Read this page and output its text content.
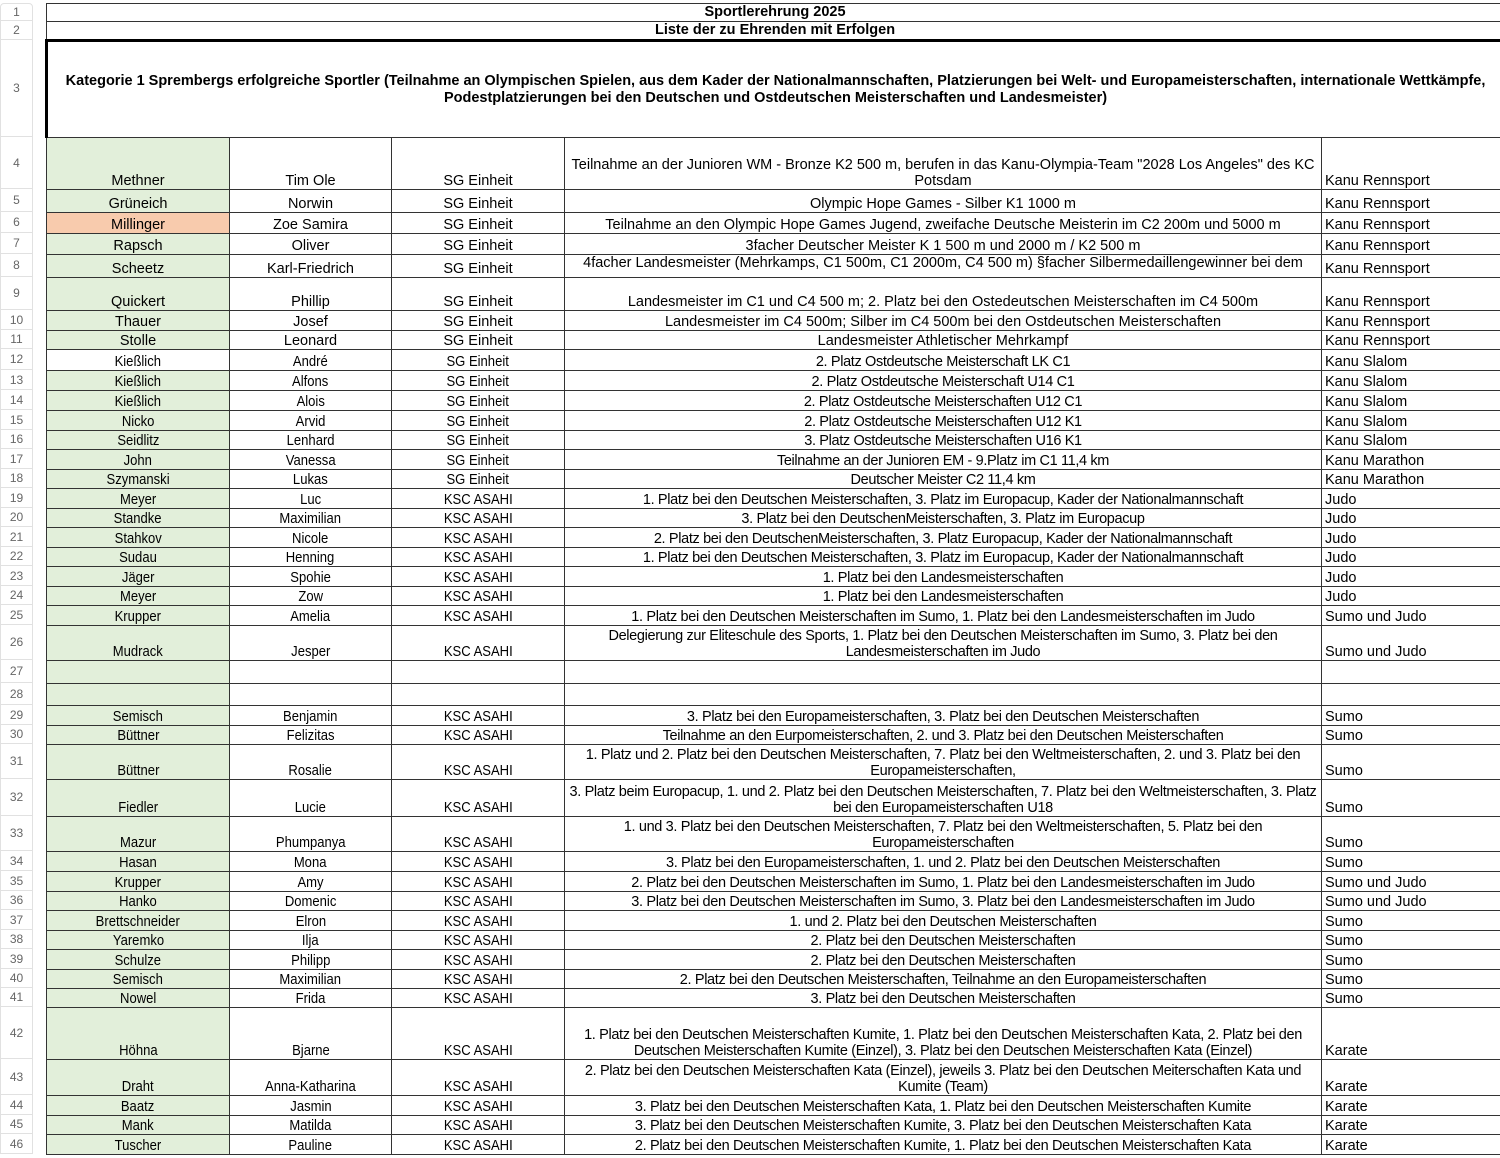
1
2
3
4
5
6
7
8
9
10
11
12
13
14
15
16
17
18
19
20
21
22
23
24
25
26
27
28
29
30
31
32
33
34
35
36
37
38
39
40
41
42
43
44
45
46
Sportlerehrung 2025				
Liste der zu Ehrenden mit Erfolgen				
Kategorie 1 Sprembergs erfolgreiche Sportler (Teilnahme an Olympischen Spielen, aus dem Kader der Nationalmannschaften, Platzierungen bei Welt- und Europameisterschaften, internationale Wettkämpfe, Podestplatzierungen bei den Deutschen und Ostdeutschen Meisterschaften und Landesmeister)				
Methner	Tim Ole	SG Einheit	Teilnahme an der Junioren WM - Bronze K2 500 m, berufen in das Kanu-Olympia-Team "2028 Los Angeles" des KC Potsdam	Kanu Rennsport
Grüneich	Norwin	SG Einheit	Olympic Hope Games - Silber K1 1000 m	Kanu Rennsport
Millinger	Zoe Samira	SG Einheit	Teilnahme an den Olympic Hope Games Jugend, zweifache Deutsche Meisterin im C2 200m und 5000 m	Kanu Rennsport
Rapsch	Oliver	SG Einheit	3facher Deutscher Meister K 1 500 m und 2000 m / K2 500 m	Kanu Rennsport
Scheetz	Karl-Friedrich	SG Einheit	4facher Landesmeister (Mehrkamps, C1 500m, C1 2000m, C4 500 m) §facher Silbermedaillengewinner bei dem	Kanu Rennsport
Quickert	Phillip	SG Einheit	Landesmeister im C1 und C4 500 m; 2. Platz bei den Ostedeutschen Meisterschaften im C4 500m	Kanu Rennsport
Thauer	Josef	SG Einheit	Landesmeister im C4 500m; Silber im C4 500m bei den Ostdeutschen Meisterschaften	Kanu Rennsport
Stolle	Leonard	SG Einheit	Landesmeister Athletischer Mehrkampf	Kanu Rennsport
Kießlich	André	SG Einheit	2. Platz Ostdeutsche Meisterschaft LK C1	Kanu Slalom
Kießlich	Alfons	SG Einheit	2. Platz Ostdeutsche Meisterschaft U14 C1	Kanu Slalom
Kießlich	Alois	SG Einheit	2. Platz Ostdeutsche Meisterschaften U12 C1	Kanu Slalom
Nicko	Arvid	SG Einheit	2. Platz Ostdeutsche Meisterschaften U12 K1	Kanu Slalom
Seidlitz	Lenhard	SG Einheit	3. Platz Ostdeutsche Meisterschaften U16 K1	Kanu Slalom
John	Vanessa	SG Einheit	Teilnahme an der Junioren EM - 9.Platz im C1 11,4 km	Kanu Marathon
Szymanski	Lukas	SG Einheit	Deutscher Meister C2 11,4 km	Kanu Marathon
Meyer	Luc	KSC ASAHI	1. Platz bei den Deutschen Meisterschaften, 3. Platz im Europacup, Kader der Nationalmannschaft	Judo
Standke	Maximilian	KSC ASAHI	3. Platz bei den DeutschenMeisterschaften, 3. Platz im Europacup	Judo
Stahkov	Nicole	KSC ASAHI	2. Platz bei den DeutschenMeisterschaften, 3. Platz Europacup, Kader der Nationalmannschaft	Judo
Sudau	Henning	KSC ASAHI	1. Platz bei den Deutschen Meisterschaften, 3. Platz im Europacup, Kader der Nationalmannschaft	Judo
Jäger	Spohie	KSC ASAHI	1. Platz bei den Landesmeisterschaften	Judo
Meyer	Zow	KSC ASAHI	1. Platz bei den Landesmeisterschaften	Judo
Krupper	Amelia	KSC ASAHI	1. Platz bei den Deutschen Meisterschaften im Sumo, 1. Platz bei den Landesmeisterschaften im Judo	Sumo und Judo
Mudrack	Jesper	KSC ASAHI	Delegierung zur Eliteschule des Sports, 1. Platz bei den Deutschen Meisterschaften im Sumo, 3. Platz bei den Landesmeisterschaften im Judo	Sumo und Judo

Semisch	Benjamin	KSC ASAHI	3. Platz bei den Europameisterschaften, 3. Platz bei den Deutschen Meisterschaften	Sumo
Büttner	Felizitas	KSC ASAHI	Teilnahme an den Eurpomeisterschaften, 2. und 3. Platz bei den Deutschen Meisterschaften	Sumo
Büttner	Rosalie	KSC ASAHI	1. Platz und 2. Platz bei den Deutschen Meisterschaften, 7. Platz bei den Weltmeisterschaften, 2. und 3. Platz bei den Europameisterschaften,	Sumo
Fiedler	Lucie	KSC ASAHI	3. Platz beim Europacup, 1. und 2. Platz bei den Deutschen Meisterschaften, 7. Platz bei den Weltmeisterschaften, 3. Platz bei den Europameisterschaften U18	Sumo
Mazur	Phumpanya	KSC ASAHI	1. und 3. Platz bei den Deutschen Meisterschaften, 7. Platz bei den Weltmeisterschaften, 5. Platz bei den Europameisterschaften	Sumo
Hasan	Mona	KSC ASAHI	3. Platz bei den Europameisterschaften, 1. und 2. Platz bei den Deutschen Meisterschaften	Sumo
Krupper	Amy	KSC ASAHI	2. Platz bei den Deutschen Meisterschaften im Sumo, 1. Platz bei den Landesmeisterschaften im Judo	Sumo und Judo
Hanko	Domenic	KSC ASAHI	3. Platz bei den Deutschen Meisterschaften im Sumo, 3. Platz bei den Landesmeisterschaften im Judo	Sumo und Judo
Brettschneider	Elron	KSC ASAHI	1. und 2. Platz bei den Deutschen Meisterschaften	Sumo
Yaremko	Ilja	KSC ASAHI	2. Platz bei den Deutschen Meisterschaften	Sumo
Schulze	Philipp	KSC ASAHI	2. Platz bei den Deutschen Meisterschaften	Sumo
Semisch	Maximilian	KSC ASAHI	2. Platz bei den Deutschen Meisterschaften, Teilnahme an den Europameisterschaften	Sumo
Nowel	Frida	KSC ASAHI	3. Platz bei den Deutschen Meisterschaften	Sumo
Höhna	Bjarne	KSC ASAHI	1. Platz bei den Deutschen Meisterschaften Kumite, 1. Platz bei den Deutschen Meisterschaften Kata, 2. Platz bei den Deutschen Meisterschaften Kumite (Einzel), 3. Platz bei den Deutschen Meisterschaften Kata (Einzel)	Karate
Draht	Anna-Katharina	KSC ASAHI	2. Platz bei den Deutschen Meisterschaften Kata (Einzel), jeweils 3. Platz bei den Deutschen Meiterschaften Kata und Kumite (Team)	Karate
Baatz	Jasmin	KSC ASAHI	3. Platz bei den Deutschen Meisterschaften Kata, 1. Platz bei den Deutschen Meisterschaften Kumite	Karate
Mank	Matilda	KSC ASAHI	3. Platz bei den Deutschen Meisterschaften Kumite, 3. Platz bei den Deutschen Meisterschaften Kata	Karate
Tuscher	Pauline	KSC ASAHI	2. Platz bei den Deutschen Meisterschaften Kumite, 1. Platz bei den Deutschen Meisterschaften Kata	Karate
